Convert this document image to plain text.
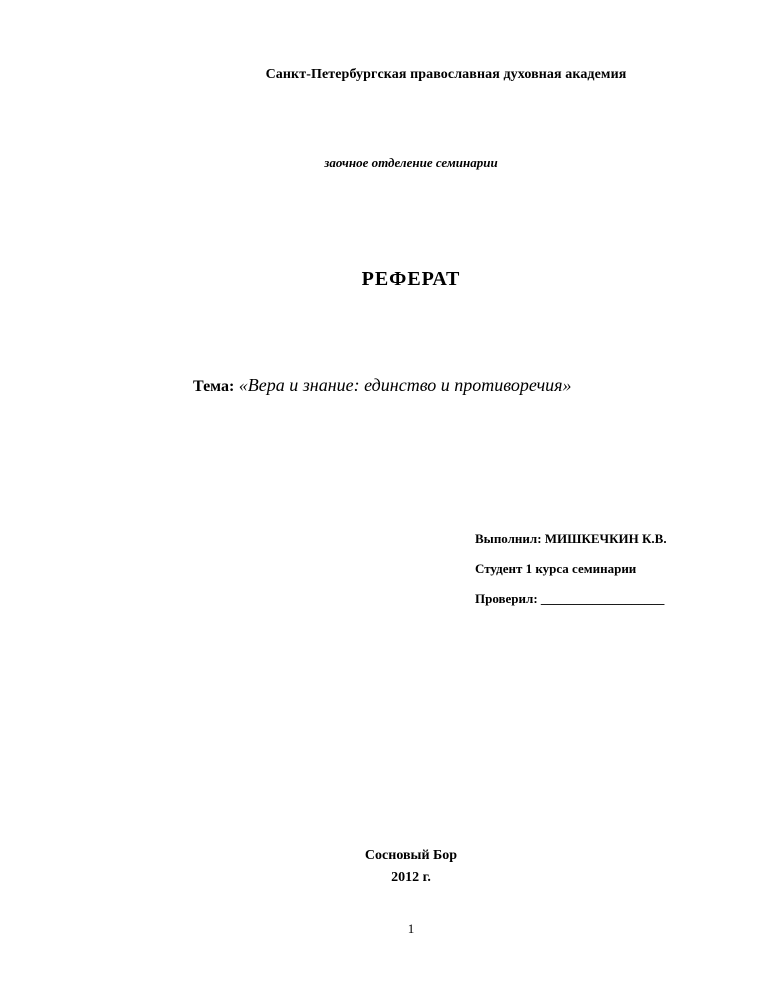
Санкт-Петербургская православная духовная академия
заочное отделение семинарии
РЕФЕРАТ
Тема: «Вера и знание: единство и противоречия»
Выполнил: МИШКЕЧКИН К.В.
Студент 1 курса семинарии
Проверил: ___________________
Сосновый Бор
2012 г.
1
